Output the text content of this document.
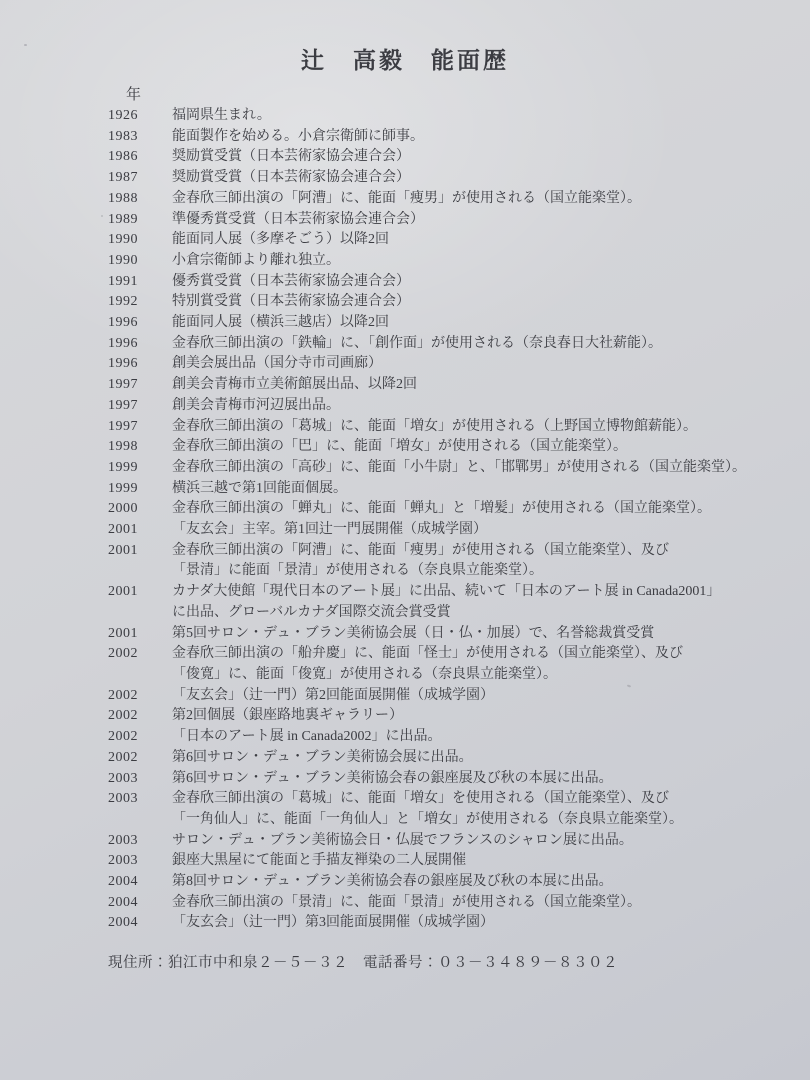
辻　高毅　能面歴
年
1926	福岡県生まれ。
1983	能面製作を始める。小倉宗衛師に師事。
1986	奨励賞受賞（日本芸術家協会連合会）
1987	奨励賞受賞（日本芸術家協会連合会）
1988	金春欣三師出演の「阿漕」に、能面「痩男」が使用される（国立能楽堂）。
1989	準優秀賞受賞（日本芸術家協会連合会）
1990	能面同人展（多摩そごう）以降2回
1990	小倉宗衛師より離れ独立。
1991	優秀賞受賞（日本芸術家協会連合会）
1992	特別賞受賞（日本芸術家協会連合会）
1996	能面同人展（横浜三越店）以降2回
1996	金春欣三師出演の「鉄輪」に、「創作面」が使用される（奈良春日大社薪能）。
1996	創美会展出品（国分寺市司画廊）
1997	創美会青梅市立美術館展出品、以降2回
1997	創美会青梅市河辺展出品。
1997	金春欣三師出演の「葛城」に、能面「増女」が使用される（上野国立博物館薪能）。
1998	金春欣三師出演の「巴」に、能面「増女」が使用される（国立能楽堂）。
1999	金春欣三師出演の「高砂」に、能面「小牛尉」と、「邯鄲男」が使用される（国立能楽堂）。
1999	横浜三越で第1回能面個展。
2000	金春欣三師出演の「蝉丸」に、能面「蝉丸」と「増髪」が使用される（国立能楽堂）。
2001	「友玄会」主宰。第1回辻一門展開催（成城学園）
2001	金春欣三師出演の「阿漕」に、能面「痩男」が使用される（国立能楽堂）、及び
「景清」に能面「景清」が使用される（奈良県立能楽堂）。
2001	カナダ大使館「現代日本のアート展」に出品、続いて「日本のアート展 in Canada2001」
に出品、グローバルカナダ国際交流会賞受賞
2001	第5回サロン・デュ・ブラン美術協会展（日・仏・加展）で、名誉総裁賞受賞
2002	金春欣三師出演の「船弁慶」に、能面「怪士」が使用される（国立能楽堂）、及び
「俊寛」に、能面「俊寛」が使用される（奈良県立能楽堂）。
2002	「友玄会」（辻一門）第2回能面展開催（成城学園）
2002	第2回個展（銀座路地裏ギャラリー）
2002	「日本のアート展 in Canada2002」に出品。
2002	第6回サロン・デュ・ブラン美術協会展に出品。
2003	第6回サロン・デュ・ブラン美術協会春の銀座展及び秋の本展に出品。
2003	金春欣三師出演の「葛城」に、能面「増女」を使用される（国立能楽堂）、及び
「一角仙人」に、能面「一角仙人」と「増女」が使用される（奈良県立能楽堂）。
2003	サロン・デュ・ブラン美術協会日・仏展でフランスのシャロン展に出品。
2003	銀座大黒屋にて能面と手描友禅染の二人展開催
2004	第8回サロン・デュ・ブラン美術協会春の銀座展及び秋の本展に出品。
2004	金春欣三師出演の「景清」に、能面「景清」が使用される（国立能楽堂）。
2004	「友玄会」（辻一門）第3回能面展開催（成城学園）
現住所：狛江市中和泉２－５－３２　電話番号：０３－３４８９－８３０２
